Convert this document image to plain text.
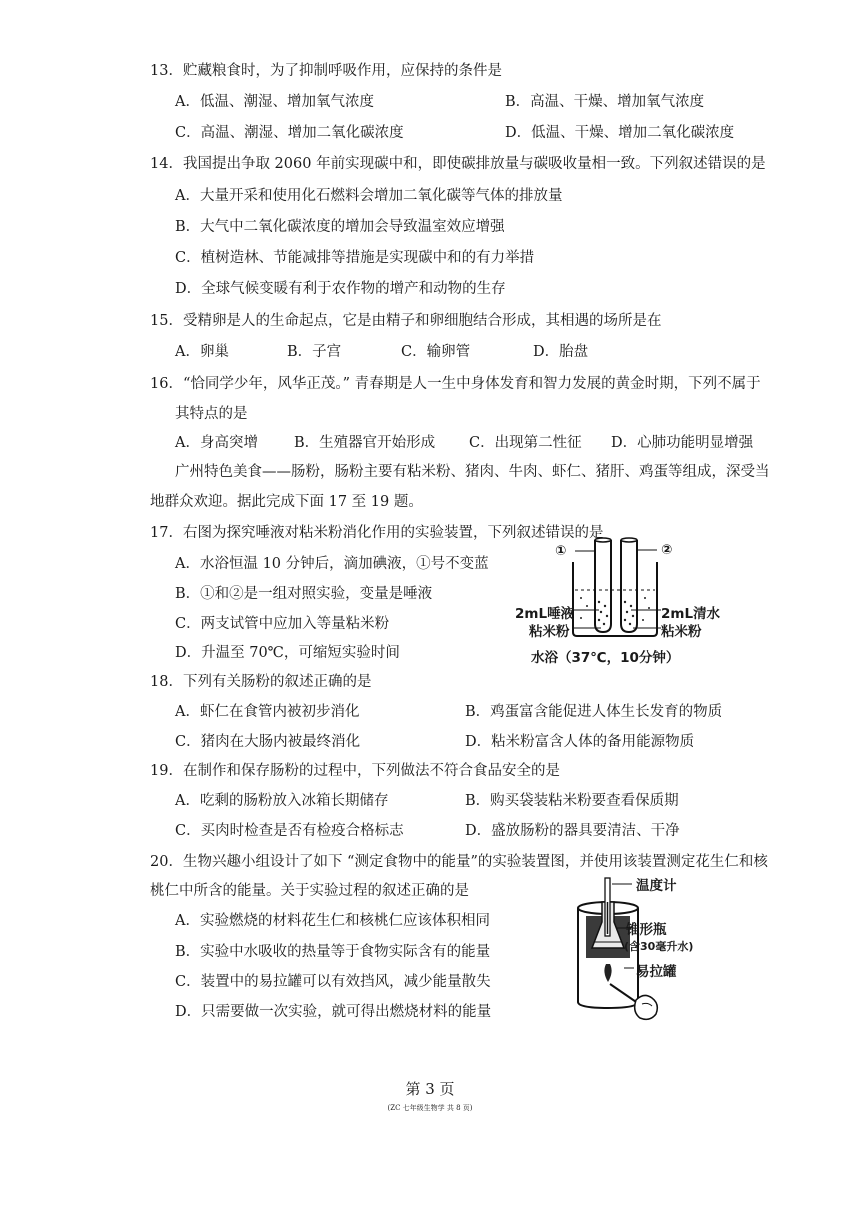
13．贮藏粮食时，为了抑制呼吸作用，应保持的条件是
A．低温、潮湿、增加氧气浓度	B．高温、干燥、增加氧气浓度
C．高温、潮湿、增加二氧化碳浓度	D．低温、干燥、增加二氧化碳浓度
14．我国提出争取 2060 年前实现碳中和，即使碳排放量与碳吸收量相一致。下列叙述错误的是
A．大量开采和使用化石燃料会增加二氧化碳等气体的排放量
B．大气中二氧化碳浓度的增加会导致温室效应增强
C．植树造林、节能减排等措施是实现碳中和的有力举措
D．全球气候变暖有利于农作物的增产和动物的生存
15．受精卵是人的生命起点，它是由精子和卵细胞结合形成，其相遇的场所是在
A．卵巢	B．子宫	C．输卵管	D．胎盘
16．“恰同学少年，风华正茂。” 青春期是人一生中身体发育和智力发展的黄金时期，下列不属于
其特点的是
A．身高突增 B．生殖器官开始形成 C．出现第二性征 D．心肺功能明显增强
广州特色美食——肠粉，肠粉主要有粘米粉、猪肉、牛肉、虾仁、猪肝、鸡蛋等组成，深受当
地群众欢迎。据此完成下面 17 至 19 题。
17．右图为探究唾液对粘米粉消化作用的实验装置，下列叙述错误的是
A．水浴恒温 10 分钟后，滴加碘液，①号不变蓝
B．①和②是一组对照实验，变量是唾液
C．两支试管中应加入等量粘米粉
D．升温至 70℃，可缩短实验时间
①	②
2mL唾液
粘米粉
2mL清水
粘米粉
水浴（37℃，10分钟）
18．下列有关肠粉的叙述正确的是
A．虾仁在食管内被初步消化	B．鸡蛋富含能促进人体生长发育的物质
C．猪肉在大肠内被最终消化	D．粘米粉富含人体的备用能源物质
19．在制作和保存肠粉的过程中，下列做法不符合食品安全的是
A．吃剩的肠粉放入冰箱长期储存	B．购买袋装粘米粉要查看保质期
C．买肉时检查是否有检疫合格标志	D．盛放肠粉的器具要清洁、干净
20．生物兴趣小组设计了如下 “测定食物中的能量”的实验装置图，并使用该装置测定花生仁和核
桃仁中所含的能量。关于实验过程的叙述正确的是
A．实验燃烧的材料花生仁和核桃仁应该体积相同
B．实验中水吸收的热量等于食物实际含有的能量
C．装置中的易拉罐可以有效挡风，减少能量散失
D．只需要做一次实验，就可得出燃烧材料的能量
温度计
锥形瓶
(含30毫升水)
易拉罐
第 3 页
(ZC 七年级生物学 共 8 页)
